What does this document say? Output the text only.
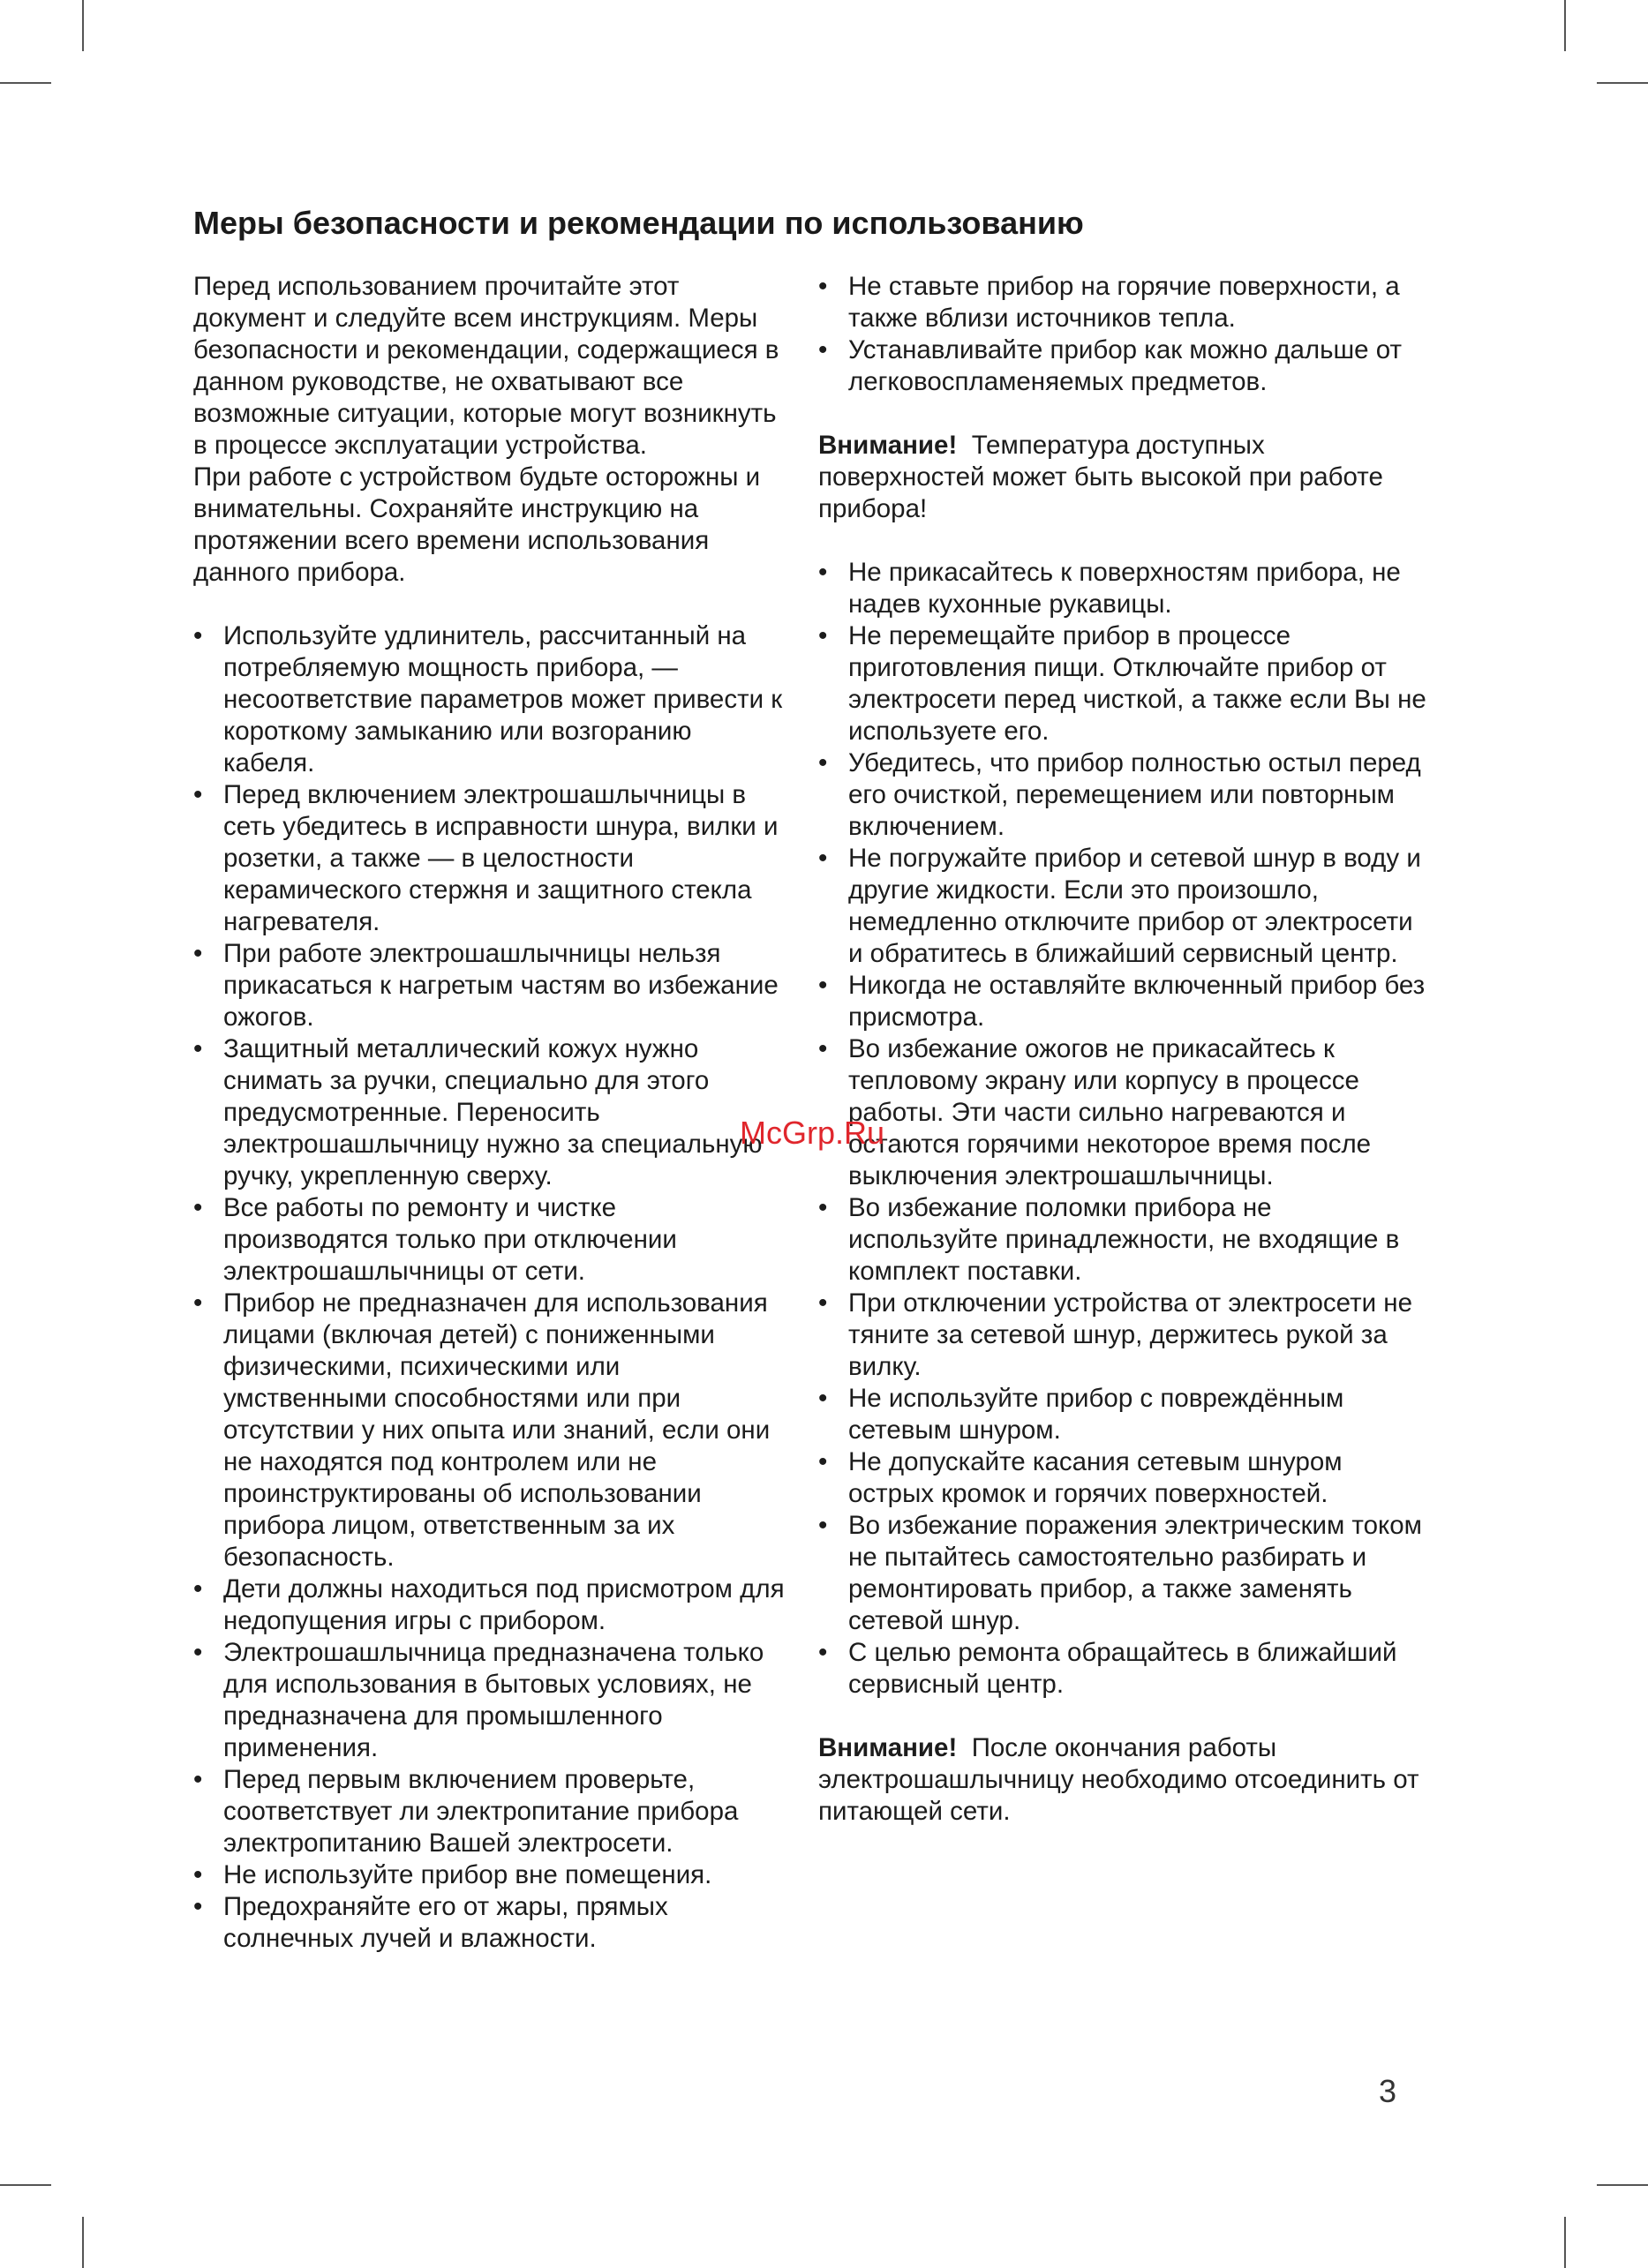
Меры безопасности и рекомендации по использованию

Перед использованием прочитайте этот документ и следуйте всем инструкциям. Меры безопасности и рекомендации, содержащиеся в данном руководстве, не охватывают все возможные ситуации, которые могут возникнуть в процессе эксплуатации устройства.

При работе с устройством будьте осторожны и внимательны. Сохраняйте инструкцию на протяжении всего времени использования данного прибора.

• Используйте удлинитель, рассчитанный на потребляемую мощность прибора, — несоответствие параметров может привести к короткому замыканию или возгоранию кабеля.
• Перед включением электрошашлычницы в сеть убедитесь в исправности шнура, вилки и розетки, а также — в целостности керамического стержня и защитного стекла нагревателя.
• При работе электрошашлычницы нельзя прикасаться к нагретым частям во избежание ожогов.
• Защитный металлический кожух нужно снимать за ручки, специально для этого предусмотренные. Переносить электрошашлычницу нужно за специальную ручку, укрепленную сверху.
• Все работы по ремонту и чистке производятся только при отключении электрошашлычницы от сети.
• Прибор не предназначен для использования лицами (включая детей) с пониженными физическими, психическими или умственными способностями или при отсутствии у них опыта или знаний, если они не находятся под контролем или не проинструктированы об использовании прибора лицом, ответственным за их безопасность.
• Дети должны находиться под присмотром для недопущения игры с прибором.
• Электрошашлычница предназначена только для использования в бытовых условиях, не предназначена для промышленного применения.
• Перед первым включением проверьте, соответствует ли электропитание прибора электропитанию Вашей электросети.
• Не используйте прибор вне помещения.
• Предохраняйте его от жары, прямых солнечных лучей и влажности.
• Не ставьте прибор на горячие поверхности, а также вблизи источников тепла.
• Устанавливайте прибор как можно дальше от легковоспламеняемых предметов.

Внимание! Температура доступных поверхностей может быть высокой при работе прибора!

• Не прикасайтесь к поверхностям прибора, не надев кухонные рукавицы.
• Не перемещайте прибор в процессе приготовления пищи. Отключайте прибор от электросети перед чисткой, а также если Вы не используете его.
• Убедитесь, что прибор полностью остыл перед его очисткой, перемещением или повторным включением.
• Не погружайте прибор и сетевой шнур в воду и другие жидкости. Если это произошло, немедленно отключите прибор от электросети и обратитесь в ближайший сервисный центр.
• Никогда не оставляйте включенный прибор без присмотра.
• Во избежание ожогов не прикасайтесь к тепловому экрану или корпусу в процессе работы. Эти части сильно нагреваются и остаются горячими некоторое время после выключения электрошашлычницы.
• Во избежание поломки прибора не используйте принадлежности, не входящие в комплект поставки.
• При отключении устройства от электросети не тяните за сетевой шнур, держитесь рукой за вилку.
• Не используйте прибор с повреждённым сетевым шнуром.
• Не допускайте касания сетевым шнуром острых кромок и горячих поверхностей.
• Во избежание поражения электрическим током не пытайтесь самостоятельно разбирать и ремонтировать прибор, а также заменять сетевой шнур.
• С целью ремонта обращайтесь в ближайший сервисный центр.

Внимание! После окончания работы электрошашлычницу необходимо отсоединить от питающей сети.

McGrp.Ru
3
